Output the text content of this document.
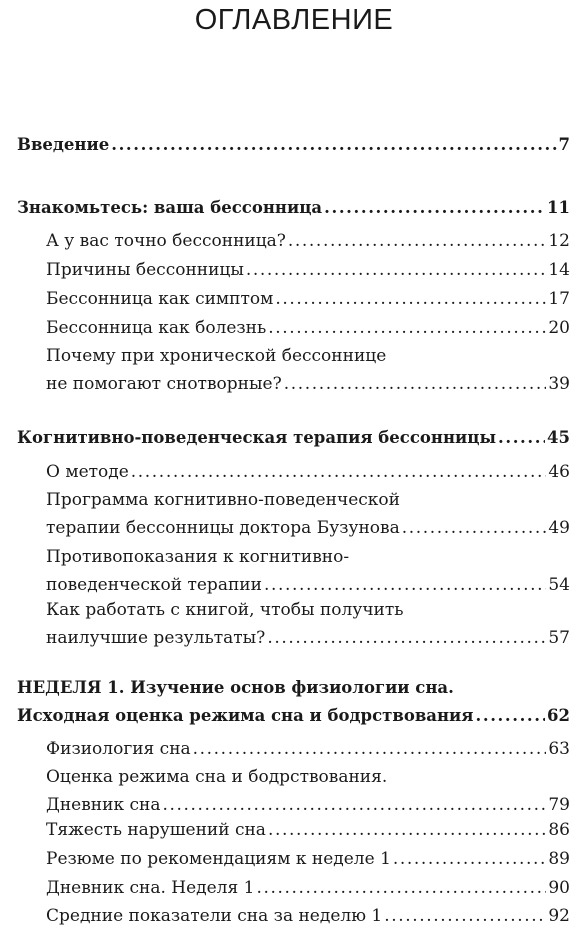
ОГЛАВЛЕНИЕ
Введение .....	7
Знакомьтесь: ваша бессонница .....	11
А у вас точно бессонница? .....	12
Причины бессонницы .....	14
Бессонница как симптом .....	17
Бессонница как болезнь .....	20
Почему при хронической бессоннице
не помогают снотворные? .....	39
Когнитивно-поведенческая терапия бессонницы .....	45
О методе .....	46
Программа когнитивно-поведенческой
терапии бессонницы доктора Бузунова .....	49
Противопоказания к когнитивно-
поведенческой терапии .....	54
Как работать с книгой, чтобы получить
наилучшие результаты? .....	57
НЕДЕЛЯ 1. Изучение основ физиологии сна.
Исходная оценка режима сна и бодрствования .....	62
Физиология сна .....	63
Оценка режима сна и бодрствования.
Дневник сна .....	79
Тяжесть нарушений сна .....	86
Резюме по рекомендациям к неделе 1 .....	89
Дневник сна. Неделя 1 .....	90
Средние показатели сна за неделю 1 .....	92
